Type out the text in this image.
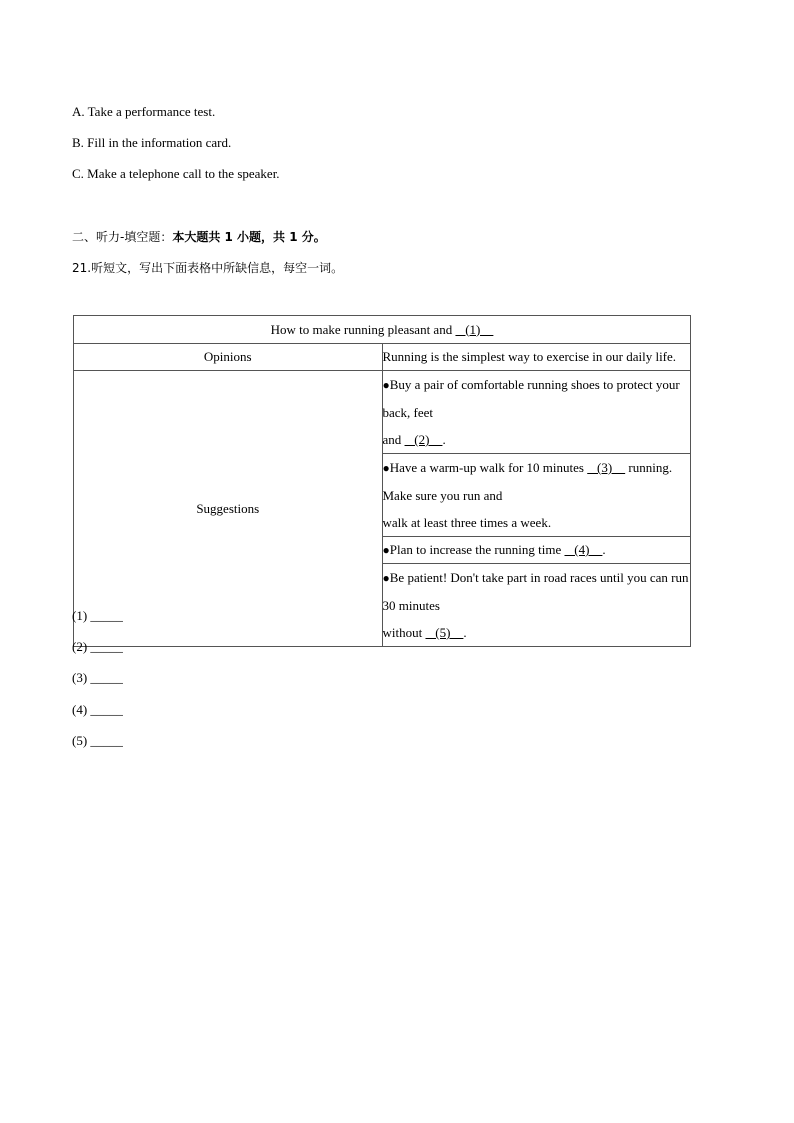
A. Take a performance test.
B. Fill in the information card.
C. Make a telephone call to the speaker.
二、听力-填空题：本大题共 1 小题，共 1 分。
21.听短文，写出下面表格中所缺信息，每空一词。
How to make running pleasant and    (1)	
Opinions	Running is the simplest way to exercise in our daily life.
Suggestions	●Buy a pair of comfortable running shoes to protect your back, feet
and    (2)    .

	●Have a warm-up walk for 10 minutes    (3)     running. Make sure you run and
walk at least three times a week.

	●Plan to increase the running time    (4)    .

	●Be patient! Don't take part in road races until you can run 30 minutes
without    (5)    .
(1) _____
(2) _____
(3) _____
(4) _____
(5) _____
